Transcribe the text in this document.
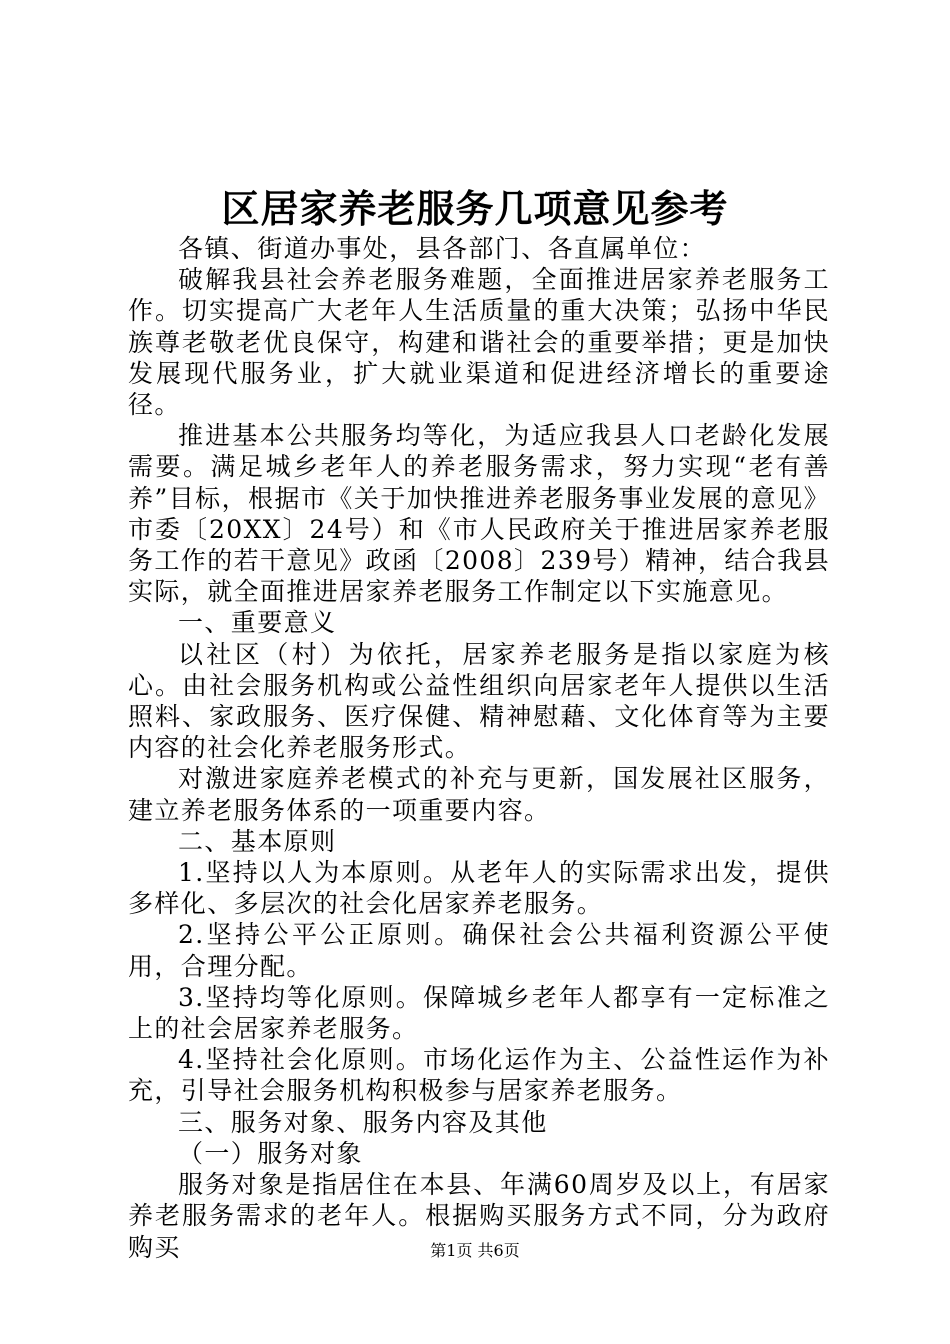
区居家养老服务几项意见参考

各镇、街道办事处，县各部门、各直属单位：

破解我县社会养老服务难题，全面推进居家养老服务工作。切实提高广大老年人生活质量的重大决策；弘扬中华民族尊老敬老优良保守，构建和谐社会的重要举措；更是加快发展现代服务业，扩大就业渠道和促进经济增长的重要途径。

推进基本公共服务均等化，为适应我县人口老龄化发展需要。满足城乡老年人的养老服务需求，努力实现“老有善养”目标，根据市《关于加快推进养老服务事业发展的意见》市委〔20XX〕24号）和《市人民政府关于推进居家养老服务工作的若干意见》政函〔2008〕239号）精神，结合我县实际，就全面推进居家养老服务工作制定以下实施意见。

一、重要意义

以社区（村）为依托，居家养老服务是指以家庭为核心。由社会服务机构或公益性组织向居家老年人提供以生活照料、家政服务、医疗保健、精神慰藉、文化体育等为主要内容的社会化养老服务形式。

对激进家庭养老模式的补充与更新，国发展社区服务，建立养老服务体系的一项重要内容。

二、基本原则

1.坚持以人为本原则。从老年人的实际需求出发，提供多样化、多层次的社会化居家养老服务。

2.坚持公平公正原则。确保社会公共福利资源公平使用，合理分配。

3.坚持均等化原则。保障城乡老年人都享有一定标准之上的社会居家养老服务。

4.坚持社会化原则。市场化运作为主、公益性运作为补充，引导社会服务机构积极参与居家养老服务。

三、服务对象、服务内容及其他

（一）服务对象

服务对象是指居住在本县、年满60周岁及以上，有居家养老服务需求的老年人。根据购买服务方式不同，分为政府购买	第1页 共6页
